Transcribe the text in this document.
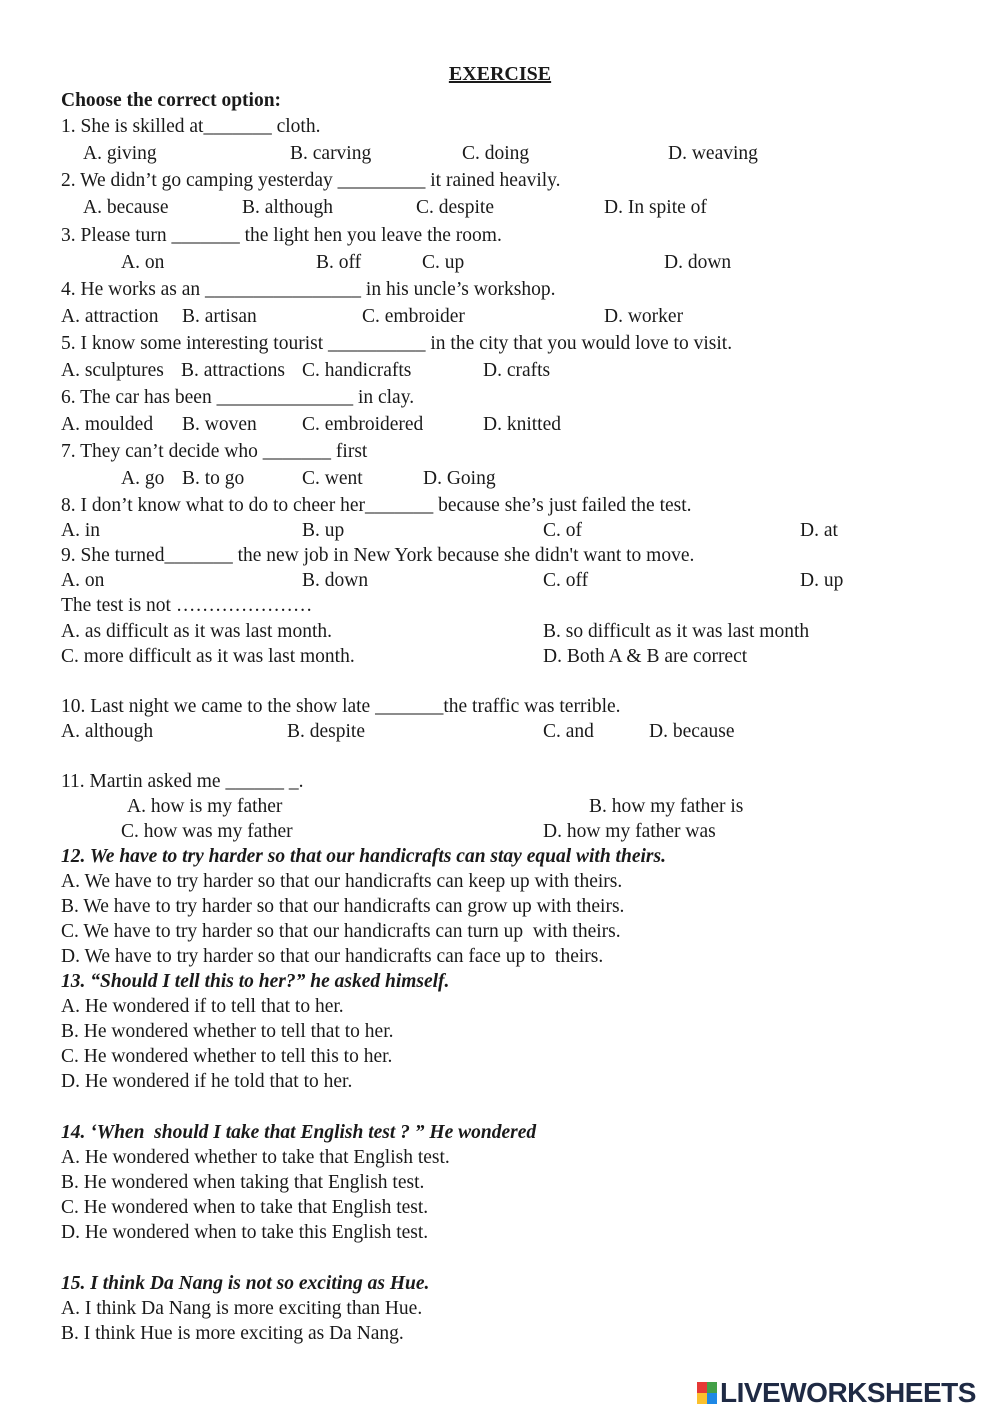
EXERCISE
Choose the correct option:
1. She is skilled at_______ cloth.
A. giving	B. carving	C. doing	D. weaving
2. We didn’t go camping yesterday _________ it rained heavily.
A. because	B. although	C. despite	D. In spite of
3. Please turn _______ the light hen you leave the room.
A. on	B. off	C. up	D. down
4. He works as an ________________ in his uncle’s workshop.
A. attraction B. artisan	C. embroider	D. worker
5. I know some interesting tourist __________ in the city that you would love to visit.
A. sculptures B. attractions C. handicrafts	D. crafts
6. The car has been ______________ in clay.
A. moulded B. woven C. embroidered	D. knitted
7. They can’t decide who _______ first
A. go B. to go	C. went	D. Going
8. I don’t know what to do to cheer her_______ because she’s just failed the test.
A. in	B. up	C. of	D. at
9. She turned_______ the new job in New York because she didn't want to move.
A. on	B. down	C. off	D. up
The test is not …………………
A. as difficult as it was last month.	B. so difficult as it was last month
C. more difficult as it was last month.	D. Both A & B are correct
10. Last night we came to the show late _______the traffic was terrible.
A. although	B. despite	C. and	D. because
11. Martin asked me ______ _.
A. how is my father	B. how my father is
C. how was my father	D. how my father was
12. We have to try harder so that our handicrafts can stay equal with theirs.
A. We have to try harder so that our handicrafts can keep up with theirs.
B. We have to try harder so that our handicrafts can grow up with theirs.
C. We have to try harder so that our handicrafts can turn up  with theirs.
D. We have to try harder so that our handicrafts can face up to  theirs.
13. “Should I tell this to her?” he asked himself.
A. He wondered if to tell that to her.
B. He wondered whether to tell that to her.
C. He wondered whether to tell this to her.
D. He wondered if he told that to her.
14. ‘When  should I take that English test ? ” He wondered
A. He wondered whether to take that English test.
B. He wondered when taking that English test.
C. He wondered when to take that English test.
D. He wondered when to take this English test.
15. I think Da Nang is not so exciting as Hue.
A. I think Da Nang is more exciting than Hue.
B. I think Hue is more exciting as Da Nang.
LIVEWORKSHEETS
